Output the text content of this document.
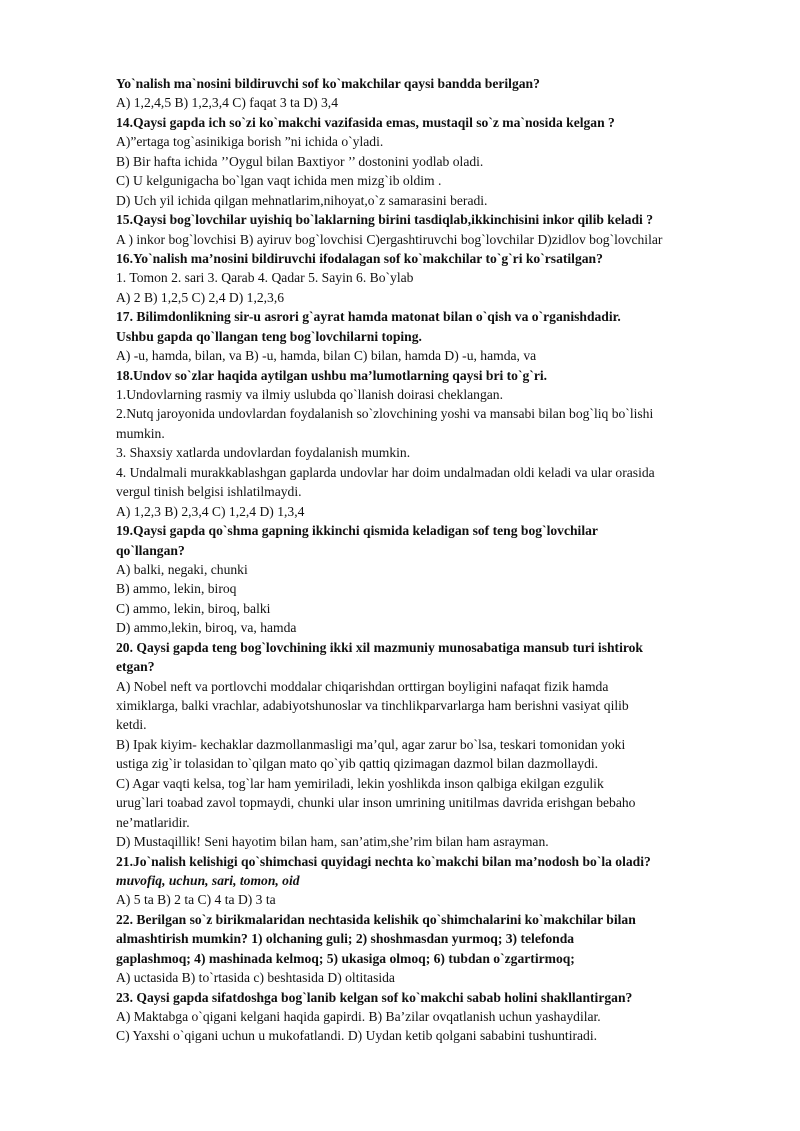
Yo`nalish ma`nosini bildiruvchi sof ko`makchilar qaysi bandda berilgan?
A) 1,2,4,5 B) 1,2,3,4 C) faqat 3 ta D) 3,4
14.Qaysi gapda ich so`zi ko`makchi vazifasida emas, mustaqil so`z ma`nosida kelgan ?
A)”ertaga tog`asinikiga borish ”ni ichida o`yladi.
B) Bir hafta ichida ’’Oygul bilan Baxtiyor ’’ dostonini yodlab oladi.
C) U kelgunigacha bo`lgan vaqt ichida men mizg`ib oldim .
D) Uch yil ichida qilgan mehnatlarim,nihoyat,o`z samarasini beradi.
15.Qaysi bog`lovchilar uyishiq bo`laklarning birini tasdiqlab,ikkinchisini inkor qilib keladi ?
A ) inkor bog`lovchisi B) ayiruv bog`lovchisi C)ergashtiruvchi bog`lovchilar D)zidlov bog`lovchilar
16.Yo`nalish ma’nosini bildiruvchi ifodalagan sof ko`makchilar to`g`ri ko`rsatilgan?
1. Tomon 2. sari 3. Qarab 4. Qadar 5. Sayin 6. Bo`ylab
A) 2 B) 1,2,5 C) 2,4 D) 1,2,3,6
17. Bilimdonlikning sir-u asrori g`ayrat hamda matonat bilan o`qish va o`rganishdadir.
Ushbu gapda qo`llangan teng bog`lovchilarni toping.
A) -u, hamda, bilan, va B) -u, hamda, bilan C) bilan, hamda D) -u, hamda, va
18.Undov so`zlar haqida aytilgan ushbu ma’lumotlarning qaysi bri to`g`ri.
1.Undovlarning rasmiy va ilmiy uslubda qo`llanish doirasi cheklangan.
2.Nutq jaroyonida undovlardan foydalanish so`zlovchining yoshi va mansabi bilan bog`liq bo`lishi
mumkin.
3. Shaxsiy xatlarda undovlardan foydalanish mumkin.
4. Undalmali murakkablashgan gaplarda undovlar har doim undalmadan oldi keladi va ular orasida
vergul tinish belgisi ishlatilmaydi.
A) 1,2,3 B) 2,3,4 C) 1,2,4 D) 1,3,4
19.Qaysi gapda qo`shma gapning ikkinchi qismida keladigan sof teng bog`lovchilar
qo`llangan?
A) balki, negaki, chunki
B) ammo, lekin, biroq
C) ammo, lekin, biroq, balki
D) ammo,lekin, biroq, va, hamda
20. Qaysi gapda teng bog`lovchining ikki xil mazmuniy munosabatiga mansub turi ishtirok
etgan?
A) Nobel neft va portlovchi moddalar chiqarishdan orttirgan boyligini nafaqat fizik hamda
ximiklarga, balki vrachlar, adabiyotshunoslar va tinchlikparvarlarga ham berishni vasiyat qilib
ketdi.
B) Ipak kiyim- kechaklar dazmollanmasligi ma’qul, agar zarur bo`lsa, teskari tomonidan yoki
ustiga zig`ir tolasidan to`qilgan mato qo`yib qattiq qizimagan dazmol bilan dazmollaydi.
C) Agar vaqti kelsa, tog`lar ham yemiriladi, lekin yoshlikda inson qalbiga ekilgan ezgulik
urug`lari toabad zavol topmaydi, chunki ular inson umrining unitilmas davrida erishgan bebaho
ne’matlaridir.
D) Mustaqillik! Seni hayotim bilan ham, san’atim,she’rim bilan ham asrayman.
21.Jo`nalish kelishigi qo`shimchasi quyidagi nechta ko`makchi bilan ma’nodosh bo`la oladi?
muvofiq, uchun, sari, tomon, oid
A) 5 ta B) 2 ta C) 4 ta D) 3 ta
22. Berilgan so`z birikmalaridan nechtasida kelishik qo`shimchalarini ko`makchilar bilan
almashtirish mumkin? 1) olchaning guli; 2) shoshmasdan yurmoq; 3) telefonda
gaplashmoq; 4) mashinada kelmoq; 5) ukasiga olmoq; 6) tubdan o`zgartirmoq;
A) uctasida B) to`rtasida c) beshtasida D) oltitasida
23. Qaysi gapda sifatdoshga bog`lanib kelgan sof ko`makchi sabab holini shakllantirgan?
A) Maktabga o`qigani kelgani haqida gapirdi. B) Ba’zilar ovqatlanish uchun yashaydilar.
C) Yaxshi o`qigani uchun u mukofatlandi. D) Uydan ketib qolgani sababini tushuntiradi.
